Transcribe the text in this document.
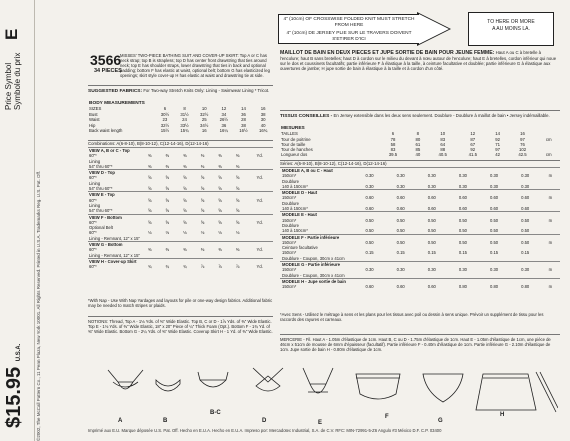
E
Price Symbol
Symbole du prix
$15.95 U.S.A.	©2002, The McCall Pattern Co., 11 Penn Plaza, New York 10001. All Rights Reserved. Printed in U.S.A. Trademarks Reg. U.S. Pat. Off.
3566
34 PIECES
MISSES' TWO-PIECE BATHING SUIT AND COVER-UP SKIRT: Top A or C has neck strap; top B is strapless; top D has center front drawstring that ties around neck; top E has shoulder straps, lower drawstring that ties in back and optional padding; bottom F has elastic at waist, optional belt; bottom G has elasticized leg openings; skirt style cover-up H has elastic at waist and drawstring tie at side.
SUGGESTED FABRICS: For Two-way Stretch Knits Only: Lining - Swimwear Lining * Tricot.
BODY MEASUREMENTS						
SIZES	6	8	10	12	14	16
Bust	30½	31½	32½	34	36	38
Waist	23	24	25	26½	28	30
Hip	32½	33½	34½	36	38	40
Back waist length	15½	15¾	16	16¼	16½	16¾
Combinations: A(6-8-10), B(8-10-12), C(12-14-16), D(12-14-16)
VIEW A, B or C - Top							
60"*	⅜	⅜	⅜	⅜	⅜	⅜	Yd.
Lining							
54" thru 60"*	⅜	⅜	⅜	⅜	⅜	⅜	
VIEW D - Top							
60"*	⅝	⅝	⅝	⅝	⅝	⅝	Yd.
Lining							
54" thru 60"*	⅝	⅝	⅝	⅝	⅝	⅝	
VIEW E - Top							
60"*	⅝	⅝	⅝	⅝	⅝	⅝	Yd.
Lining							
54" thru 60"*	⅝	⅝	⅝	⅝	⅝	⅝	
VIEW F - Bottom							
60"*	⅝	⅝	⅝	⅝	⅝	⅝	Yd.
Optional Belt							
60"*	⅛	⅛	⅛	⅛	⅛	⅛	
Lining - Remnant, 12" x 15"							
VIEW G - Bottom							
60"*	⅜	⅜	⅜	⅜	⅜	⅜	Yd.
Lining - Remnant, 12" x 15"							
VIEW H - Cover-up Skirt							
60"*	¾	¾	¾	⅞	⅞	⅞	Yd.
*With Nap - Use With Nap Yardages and layouts for pile or one-way design fabrics. Additional fabric may be needed to match stripes or plaids.
NOTIONS: Thread, Top A - 1⅛ Yds. of ⅜" Wide Elastic. Top B, C or D - 1⅞ Yds. of ⅜" Wide Elastic. Top E - 1⅛ Yds. of ⅜" Wide Elastic, 18" x 20" Piece of ¼" Thick Foam (Opt.). Bottom F - 1¾ Yd. of ⅜" Wide Elastic. Bottom G - 2¼ Yds. of ⅜" Wide Elastic. Coverup Skirt H - 1 Yd. of ⅜" Wide Elastic.
4" (10cm) OF CROSSWISE FOLDED KNIT MUST STRETCH FROM HERE
4" (10cm) DE JERSEY PLIE SUR LE TRAVERS DOIVENT S'ETIRER D'ICI
TO HERE OR MORE
A AU MOINS LA.
MAILLOT DE BAIN EN DEUX PIECES ET JUPE SORTIE DE BAIN POUR JEUNE FEMME: Haut A ou C à bretelle à l'encolure; haut B sans bretelles; haut D à cordon sur le milieu du devant à nœu autour de l'encolure; haut E à bretelles, cordon inférieur qui noue sur le dos et coussinets facultatifs; partie inférieure F à élastique à la taille, à ceinture facultative et doublée; partie inférieure G à élastique aux ouvertures de jambe; H jupe sortie de bain à élastique à la taille et à cordon d'un côté.
TISSUS CONSEILLES - En Jersey extensible dans les deux sens seulement. Doublure - Doublure à maillot de bain • Jersey indémaillable.
MESURES							
TAILLES	6	8	10	12	14	16	
Tour de poitrine	78	80	83	87	92	97	cm
Tour de taille	58	61	64	67	71	76	
Tour de hanches	83	85	88	92	97	102	
Longueur dos	39.5	40	40.5	41.5	42	42.5	cm
Séries: A(6-8-10), B(8-10-12), C(12-14-16), D(12-14-16)
MODELE A, B ou C - Haut							
150cm*	0.30	0.30	0.30	0.30	0.30	0.30	m
Doublure							
140 à 150cm*	0.30	0.30	0.30	0.30	0.30	0.30	
MODELE D - Haut							
150cm*	0.60	0.60	0.60	0.60	0.60	0.60	m
Doublure							
140 à 150cm*	0.60	0.60	0.60	0.60	0.60	0.60	
MODELE E - Haut							
150cm*	0.50	0.50	0.50	0.50	0.50	0.50	m
Doublure							
140 à 150cm*	0.50	0.50	0.50	0.50	0.50	0.50	
MODELE F - Partie inférieure							
150cm*	0.50	0.50	0.50	0.50	0.50	0.50	m
Ceinture facultative							
150cm*	0.15	0.15	0.15	0.15	0.15	0.15	
Doublure - Coupon, 30cm x 41cm							
MODELE G - Partie inférieure							
150cm*	0.30	0.30	0.30	0.30	0.30	0.30	m
Doublure - Coupon, 30cm x 41cm							
MODELE H - Jupe sortie de bain							
150cm*	0.60	0.60	0.60	0.80	0.80	0.80	m
*Avec Sens - Utilisez le métrage à sens et les plans pour les tissus avec poil ou dessin à sens unique. Prévoir un supplément de tissu pour les raccords des rayures et carreaux.
MERCERIE - Fil. Haut A - 1.05m d'élastique de 1cm. Haut B, C ou D - 1.75m d'élastique de 1cm. Haut E - 1.05m d'élastique de 1cm, une pièce de 46cm x 51cm de mousse de 6mm d'épaisseur (facultatif). Partie inférieure F - 0.40m d'élastique de 1cm. Partie inférieure G - 2.10m d'élastique de 1cm. Jupe sortie de bain H - 0.80m d'élastique de 1cm.
Imprimé aux E.U. Marque déposée U.S. Pat. Off. Hecho en E.U.A. Hecho en E.U.A. Impreso por: Mercadotec Industrial, S.A. de C.V. RFC: MIN-72991-5-Z6 Angulo #3 México D.F. C.P. 03400
A	B
B-C
D	E
F
G
H
